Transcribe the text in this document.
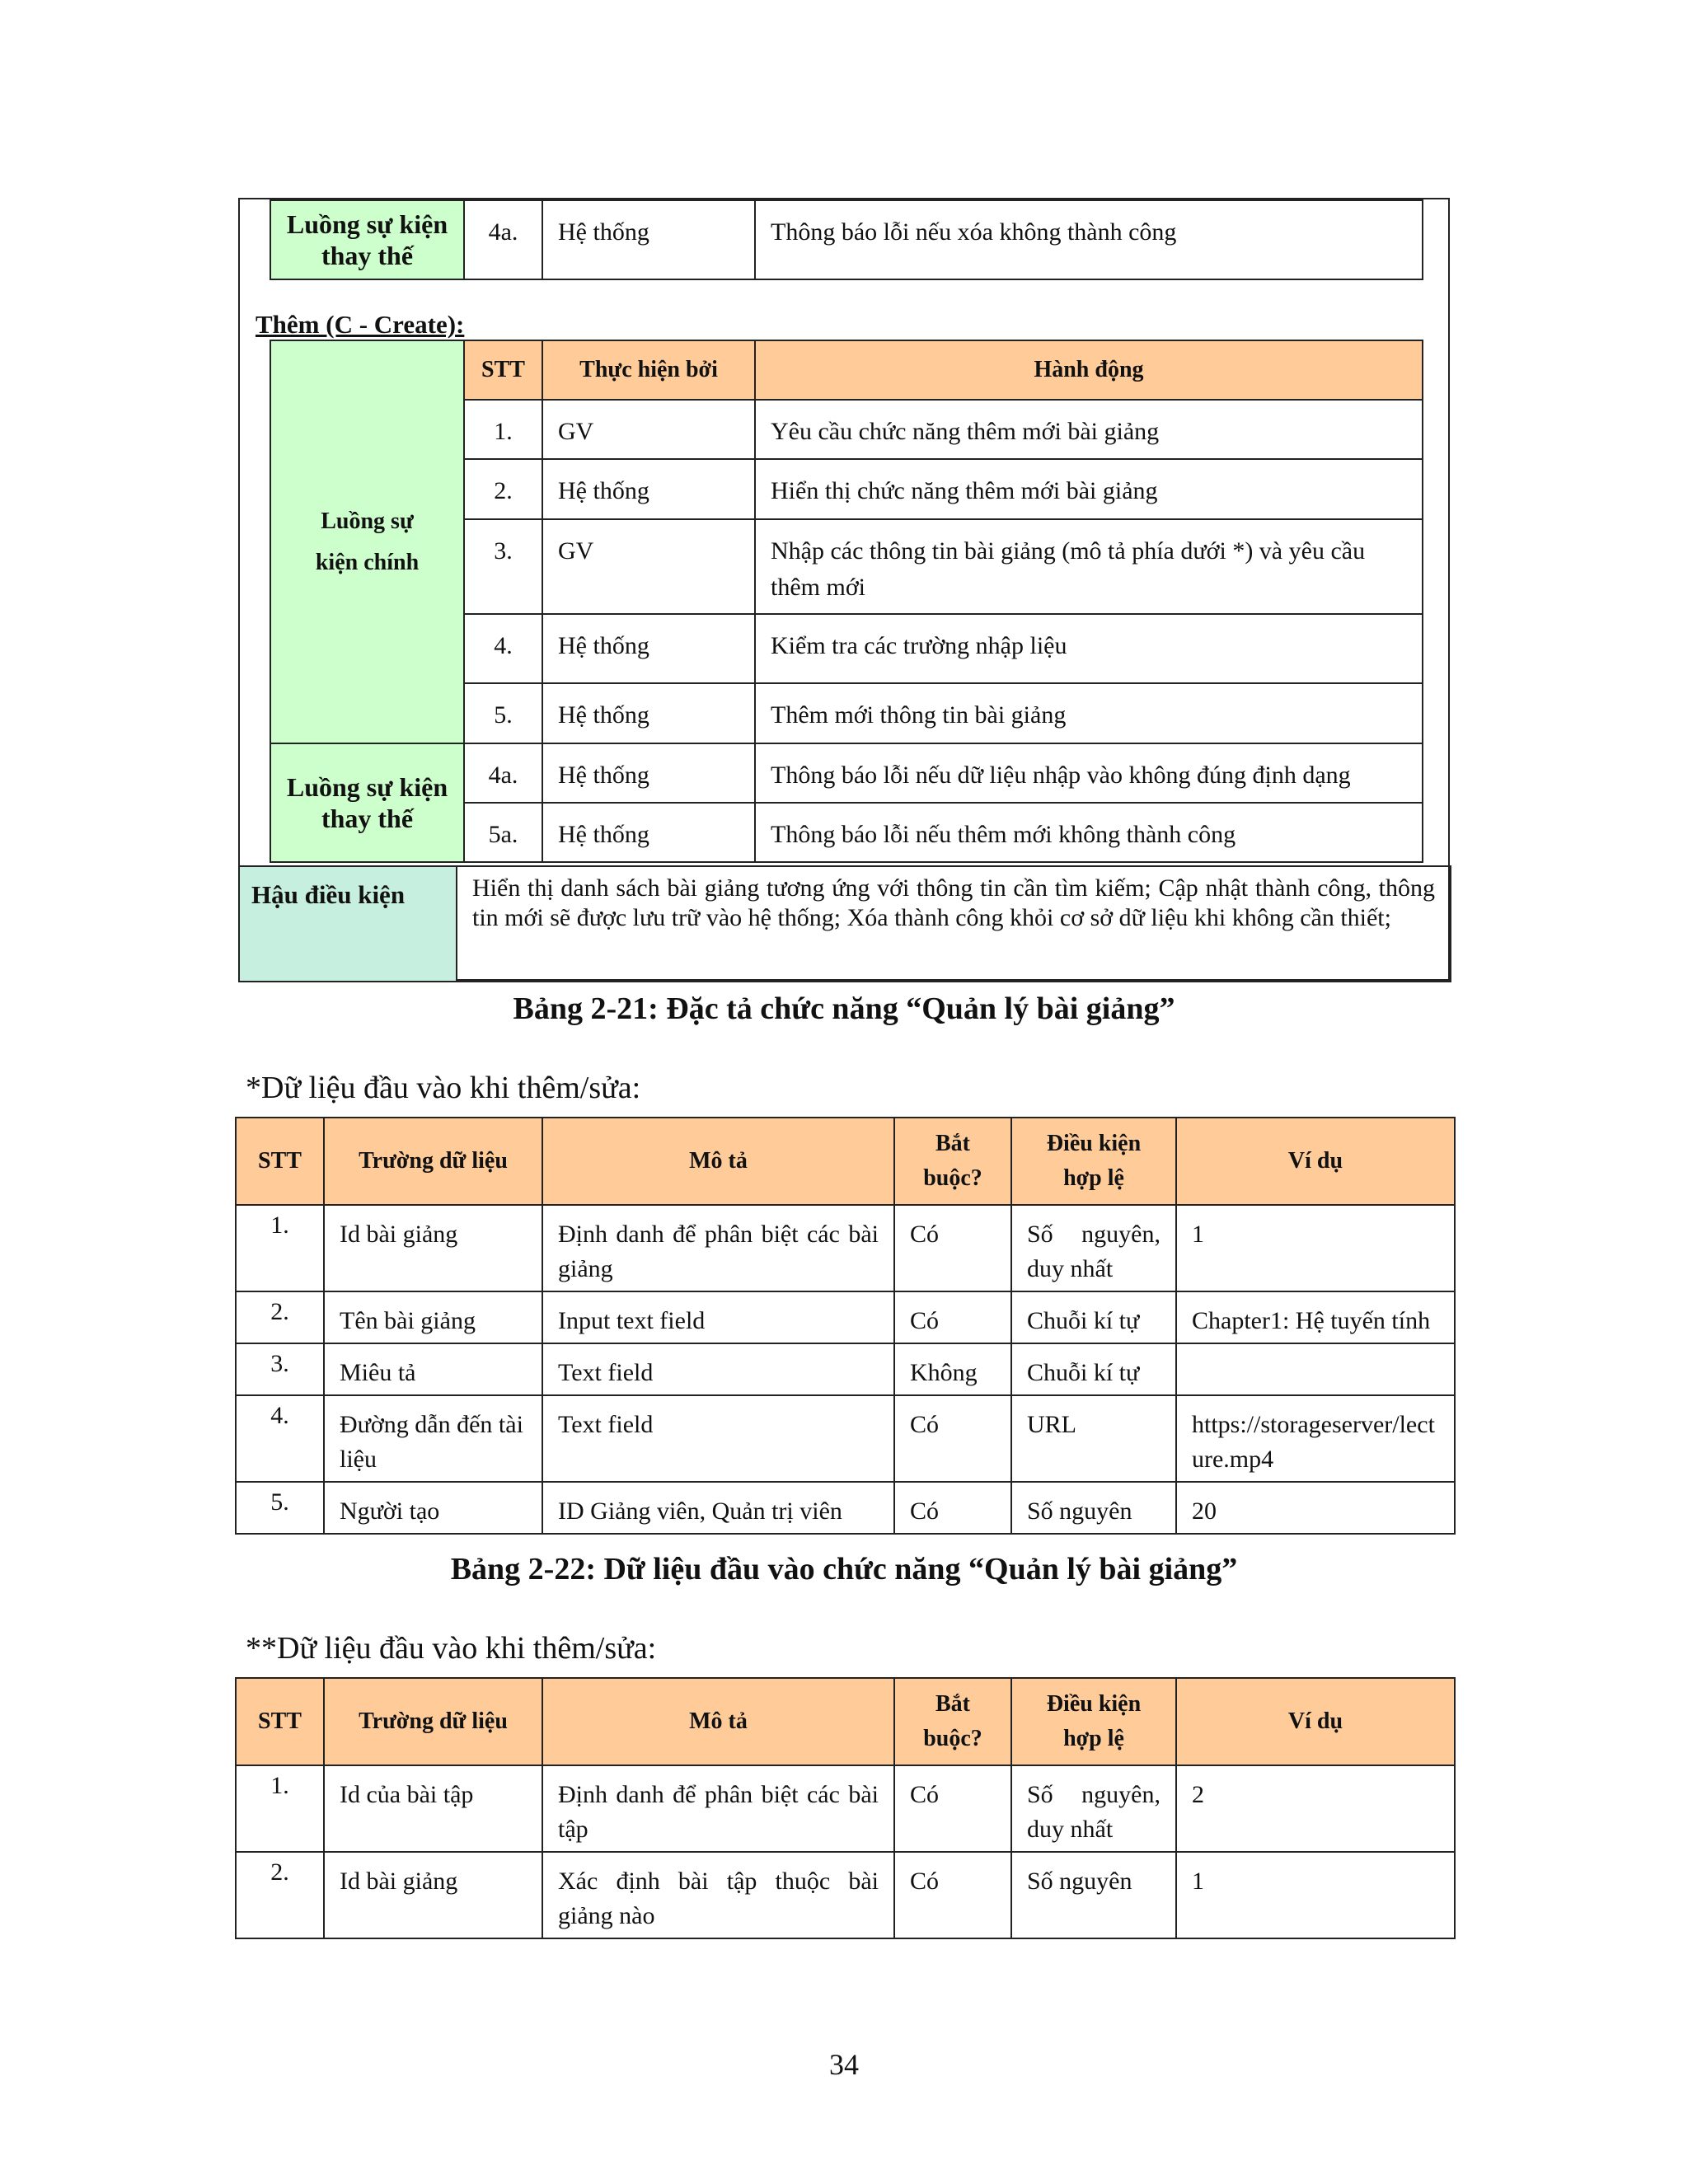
Luồng sự kiện thay thế	4a.	Hệ thống	Thông báo lỗi nếu xóa không thành công
Thêm (C - Create):
Luồng sự kiện chính	STT	Thực hiện bởi	Hành động
	1.	GV	Yêu cầu chức năng thêm mới bài giảng
	2.	Hệ thống	Hiển thị chức năng thêm mới bài giảng
	3.	GV	Nhập các thông tin bài giảng (mô tả phía dưới *) và yêu cầu thêm mới
	4.	Hệ thống	Kiểm tra các trường nhập liệu
	5.	Hệ thống	Thêm mới thông tin bài giảng
Luồng sự kiện thay thế	4a.	Hệ thống	Thông báo lỗi nếu dữ liệu nhập vào không đúng định dạng
	5a.	Hệ thống	Thông báo lỗi nếu thêm mới không thành công
Hậu điều kiện	Hiển thị danh sách bài giảng tương ứng với thông tin cần tìm kiếm; Cập nhật thành công, thông tin mới sẽ được lưu trữ vào hệ thống; Xóa thành công khỏi cơ sở dữ liệu khi không cần thiết;
Bảng 2-21: Đặc tả chức năng “Quản lý bài giảng”
*Dữ liệu đầu vào khi thêm/sửa:
STT	Trường dữ liệu	Mô tả	Bắt buộc?	Điều kiện hợp lệ	Ví dụ
1.	Id bài giảng	Định danh để phân biệt các bài giảng	Có	Số nguyên, duy nhất	1
2.	Tên bài giảng	Input text field	Có	Chuỗi kí tự	Chapter1: Hệ tuyến tính
3.	Miêu tả	Text field	Không	Chuỗi kí tự	
4.	Đường dẫn đến tài liệu	Text field	Có	URL	https://storageserver/lecture.mp4
5.	Người tạo	ID Giảng viên, Quản trị viên	Có	Số nguyên	20
Bảng 2-22: Dữ liệu đầu vào chức năng “Quản lý bài giảng”
**Dữ liệu đầu vào khi thêm/sửa:
STT	Trường dữ liệu	Mô tả	Bắt buộc?	Điều kiện hợp lệ	Ví dụ
1.	Id của bài tập	Định danh để phân biệt các bài tập	Có	Số nguyên, duy nhất	2
2.	Id bài giảng	Xác định bài tập thuộc bài giảng nào	Có	Số nguyên	1
34
